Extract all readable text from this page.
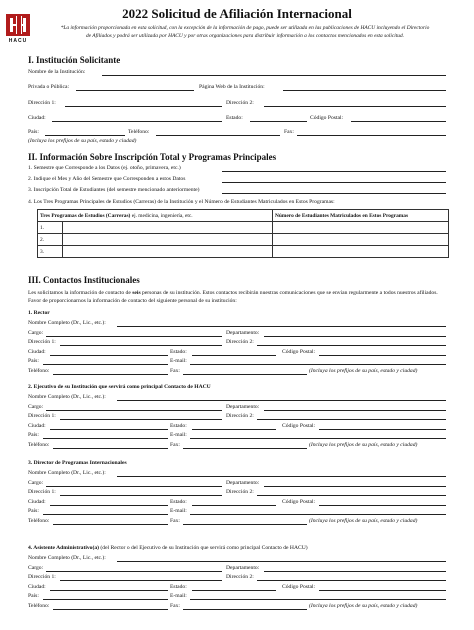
HACU
2022 Solicitud de Afiliación Internacional
*La información proporcionada en esta solicitud, con la excepción de la información de pago, puede ser utilizada en las publicaciones de HACU incluyendo el Directorio de Afiliados y podrá ser utilizada por HACU y por otras organizaciones para distribuir información a los contactos mencionados en esta solicitud.
I. Institución Solicitante
Nombre de la Institución:
Privada o Pública:	Página Web de la Institución:
Dirección 1:	Dirección 2:
Ciudad:	Estado:	Código Postal:
País:	Teléfono:	Fax:
(Incluya los prefijos de su país, estado y ciudad)
II. Información Sobre Inscripción Total y Programas Principales
1. Semestre que Corresponde a los Datos (ej. otoño, primavera, etc.)
2. Indique el Mes y Año del Semestre que Corresponden a estos Datos
3. Inscripción Total de Estudiantes (del semestre mencionado anteriormente)
4. Los Tres Programas Principales de Estudios (Carreras) de la Institución y el Número de Estudiantes Matriculados en Estos Programas:
Tres Programas de Estudios (Carreras) ej. medicina, ingeniería, etc.		Número de Estudiantes Matriculados en Estos Programas
1.		
2.		
3.		
III. Contactos Institucionales
Les solicitamos la información de contacto de seis personas de su institución. Estos contactos recibirán nuestras comunicaciones que se envían regularmente a todos nuestros afiliados. Favor de proporcionarnos la información de contacto del siguiente personal de su institución:
1. Rector
Nombre Completo (Dr., Lic., etc.):
Cargo:	Departamento:
Dirección 1:	Dirección 2:
Ciudad:	Estado:	Código Postal:
País:	E-mail:
Teléfono:	Fax:	(Incluya los prefijos de su país, estado y ciudad)
2. Ejecutivo de su Institución que servirá como principal Contacto de HACU
Nombre Completo (Dr., Lic., etc.):
Cargo:	Departamento:
Dirección 1:	Dirección 2:
Ciudad:	Estado:	Código Postal:
País:	E-mail:
Teléfono:	Fax:	(Incluya los prefijos de su país, estado y ciudad)
3. Director de Programas Internacionales
Nombre Completo (Dr., Lic., etc.):
Cargo:	Departamento:
Dirección 1:	Dirección 2:
Ciudad:	Estado:	Código Postal:
País:	E-mail:
Teléfono:	Fax:	(Incluya los prefijos de su país, estado y ciudad)
4. Asistente Administrativo(a) (del Rector o del Ejecutivo de su Institución que servirá como principal Contacto de HACU)
Nombre Completo (Dr., Lic., etc.):
Cargo:	Departamento:
Dirección 1:	Dirección 2:
Ciudad:	Estado:	Código Postal:
País:	E-mail:
Teléfono:	Fax:	(Incluya los prefijos de su país, estado y ciudad)
